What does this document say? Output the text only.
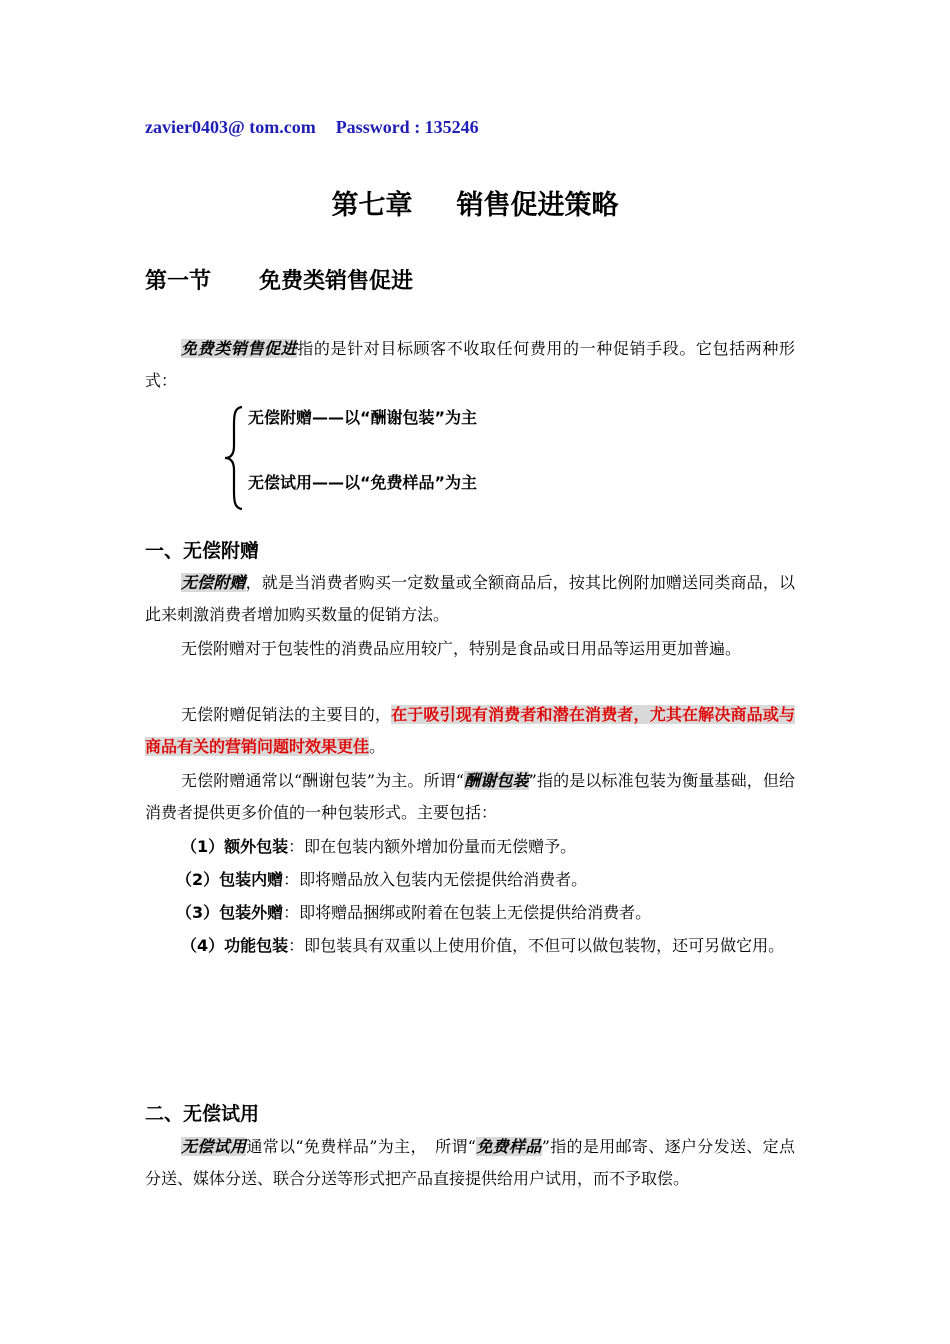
zavier0403@ tom.com Password : 135246
第七章 销售促进策略
第一节 免费类销售促进
免费类销售促进指的是针对目标顾客不收取任何费用的一种促销手段。它包括两种形式：
无偿附赠——以“酬谢包装”为主
无偿试用——以“免费样品”为主
一、无偿附赠
无偿附赠，就是当消费者购买一定数量或全额商品后，按其比例附加赠送同类商品，以此来刺激消费者增加购买数量的促销方法。
无偿附赠对于包装性的消费品应用较广，特别是食品或日用品等运用更加普遍。
无偿附赠促销法的主要目的，在于吸引现有消费者和潜在消费者，尤其在解决商品或与商品有关的营销问题时效果更佳。
无偿附赠通常以“酬谢包装”为主。所谓“酬谢包装”指的是以标准包装为衡量基础，但给消费者提供更多价值的一种包装形式。主要包括：
（1）额外包装：即在包装内额外增加份量而无偿赠予。
（2）包装内赠：即将赠品放入包装内无偿提供给消费者。
（3）包装外赠：即将赠品捆绑或附着在包装上无偿提供给消费者。
（4）功能包装：即包装具有双重以上使用价值，不但可以做包装物，还可另做它用。
二、无偿试用
无偿试用通常以“免费样品”为主，　所谓“免费样品”指的是用邮寄、逐户分发送、定点分送、媒体分送、联合分送等形式把产品直接提供给用户试用，而不予取偿。
